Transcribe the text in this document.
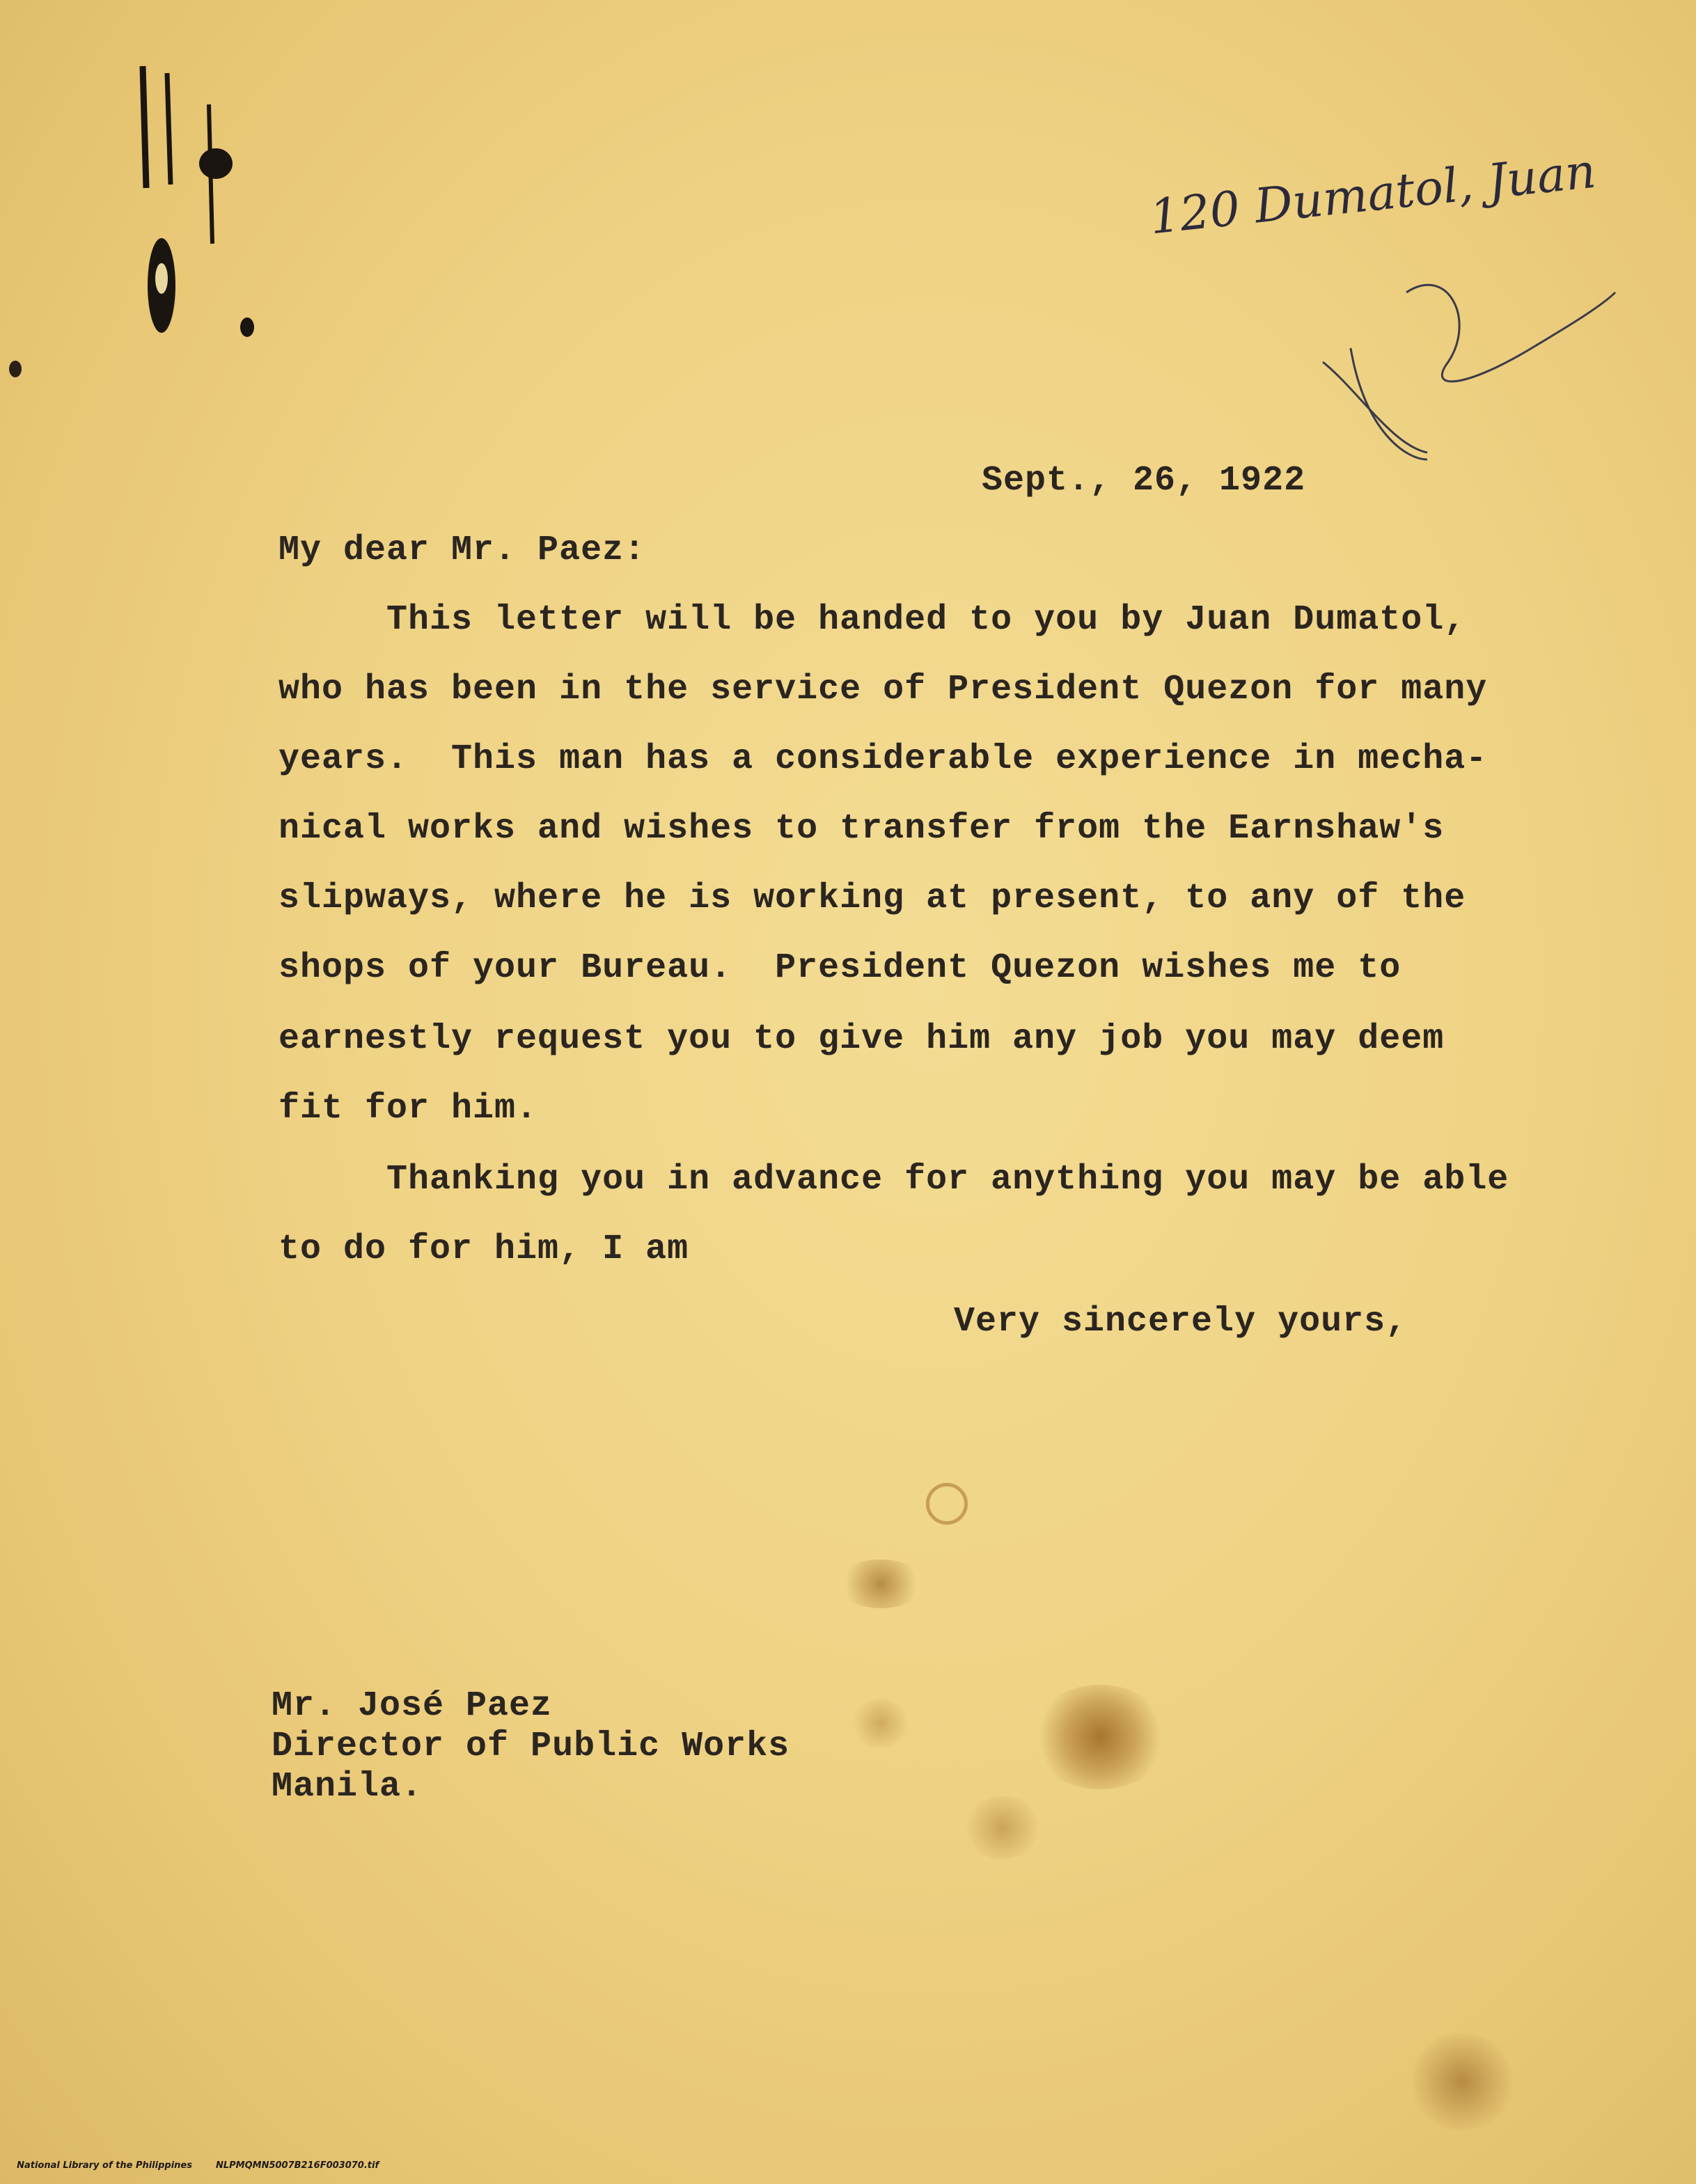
120 Dumatol, Juan
Sept., 26, 1922
My dear Mr. Paez:
This letter will be handed to you by Juan Dumatol,
who has been in the service of President Quezon for many
years.  This man has a considerable experience in mecha-
nical works and wishes to transfer from the Earnshaw's
slipways, where he is working at present, to any of the
shops of your Bureau.  President Quezon wishes me to
earnestly request you to give him any job you may deem
fit for him.
Thanking you in advance for anything you may be able
to do for him, I am
Very sincerely yours,
Mr. José Paez
Director of Public Works
Manila.

National Library of the Philippines	NLPMQMN5007B216F003070.tif
